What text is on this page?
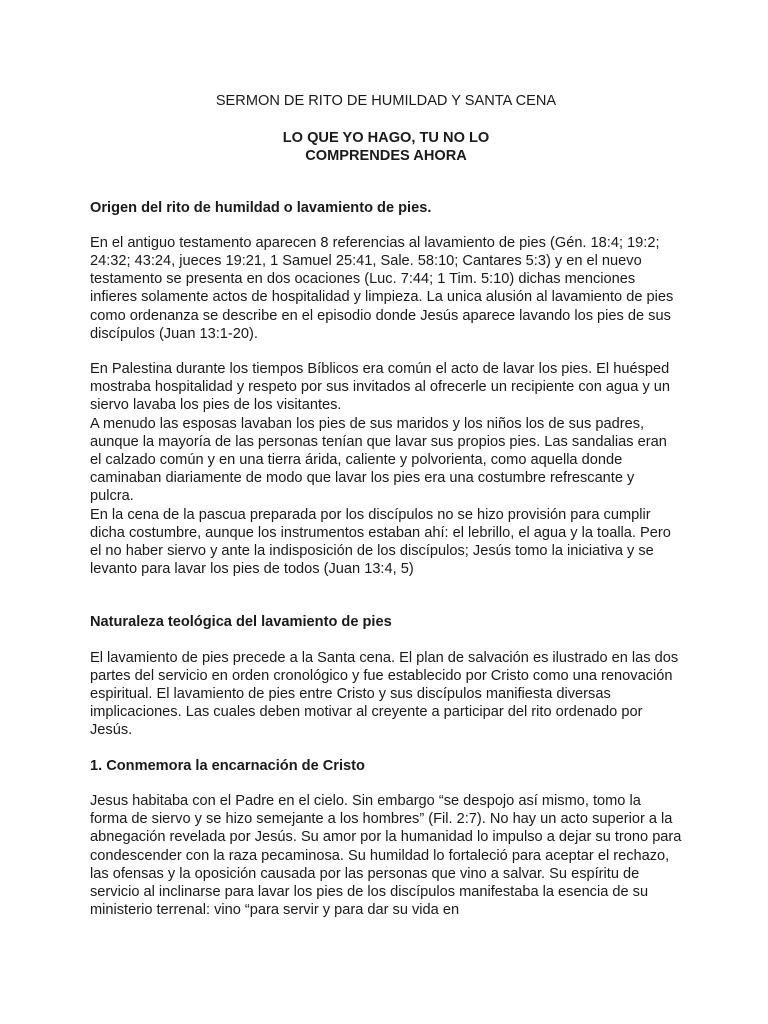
SERMON DE RITO DE HUMILDAD Y SANTA CENA
LO QUE YO HAGO, TU NO LO
COMPRENDES AHORA
Origen del rito de humildad o lavamiento de pies.

En el antiguo testamento aparecen 8 referencias al lavamiento de pies (Gén. 18:4; 19:2; 24:32; 43:24, jueces 19:21, 1 Samuel 25:41, Sale. 58:10; Cantares 5:3) y en el nuevo testamento se presenta en dos ocaciones (Luc. 7:44; 1 Tim. 5:10) dichas menciones infieres solamente actos de hospitalidad y limpieza. La unica alusión al lavamiento de pies como ordenanza se describe en el episodio donde Jesús aparece lavando los pies de sus discípulos (Juan 13:1-20).

En Palestina durante los tiempos Bíblicos era común el acto de lavar los pies. El huésped mostraba hospitalidad y respeto por sus invitados al ofrecerle un recipiente con agua y un siervo lavaba los pies de los visitantes.

A menudo las esposas lavaban los pies de sus maridos y los niños los de sus padres, aunque la mayoría de las personas tenían que lavar sus propios pies. Las sandalias eran el calzado común y en una tierra árida, caliente y polvorienta, como aquella donde caminaban diariamente de modo que lavar los pies era una costumbre refrescante y pulcra.

En la cena de la pascua preparada por los discípulos no se hizo provisión para cumplir dicha costumbre, aunque los instrumentos estaban ahí: el lebrillo, el agua y la toalla. Pero el no haber siervo y ante la indisposición de los discípulos; Jesús tomo la iniciativa y se levanto para lavar los pies de todos (Juan 13:4, 5)

Naturaleza teológica del lavamiento de pies

El lavamiento de pies precede a la Santa cena. El plan de salvación es ilustrado en las dos partes del servicio en orden cronológico y fue establecido por Cristo como una renovación espiritual. El lavamiento de pies entre Cristo y sus discípulos manifiesta diversas implicaciones. Las cuales deben motivar al creyente a participar del rito ordenado por Jesús.

1. Conmemora la encarnación de Cristo

Jesus habitaba con el Padre en el cielo. Sin embargo “se despojo así mismo, tomo la forma de siervo y se hizo semejante a los hombres” (Fil. 2:7). No hay un acto superior a la abnegación revelada por Jesús. Su amor por la humanidad lo impulso a dejar su trono para condescender con la raza pecaminosa. Su humildad lo fortaleció para aceptar el rechazo, las ofensas y la oposición causada por las personas que vino a salvar. Su espíritu de servicio al inclinarse para lavar los pies de los discípulos manifestaba la esencia de su ministerio terrenal: vino “para servir y para dar su vida en
